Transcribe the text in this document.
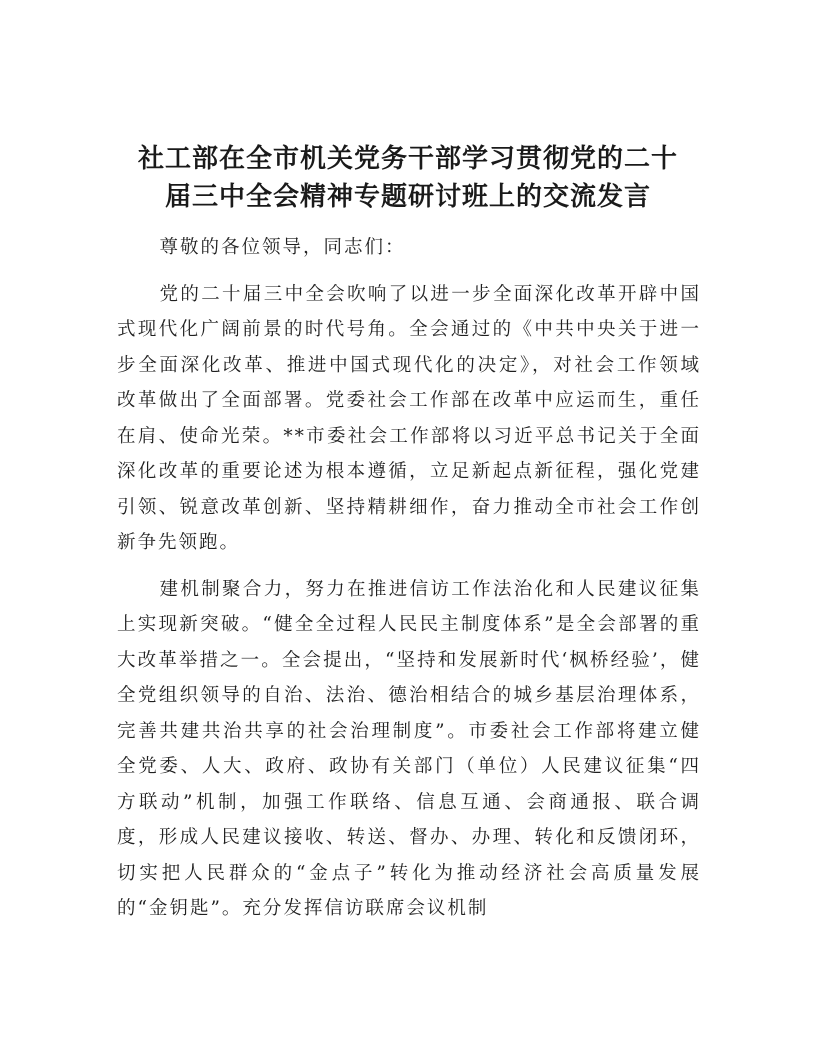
社工部在全市机关党务干部学习贯彻党的二十
届三中全会精神专题研讨班上的交流发言

尊敬的各位领导，同志们：

党的二十届三中全会吹响了以进一步全面深化改革开辟中国式现代化广阔前景的时代号角。全会通过的《中共中央关于进一步全面深化改革、推进中国式现代化的决定》，对社会工作领域改革做出了全面部署。党委社会工作部在改革中应运而生，重任在肩、使命光荣。**市委社会工作部将以习近平总书记关于全面深化改革的重要论述为根本遵循，立足新起点新征程，强化党建引领、锐意改革创新、坚持精耕细作，奋力推动全市社会工作创新争先领跑。

建机制聚合力，努力在推进信访工作法治化和人民建议征集上实现新突破。“健全全过程人民民主制度体系”是全会部署的重大改革举措之一。全会提出，“坚持和发展新时代‘枫桥经验’，健全党组织领导的自治、法治、德治相结合的城乡基层治理体系，完善共建共治共享的社会治理制度”。市委社会工作部将建立健全党委、人大、政府、政协有关部门（单位）人民建议征集“四方联动”机制，加强工作联络、信息互通、会商通报、联合调度，形成人民建议接收、转送、督办、办理、转化和反馈闭环，切实把人民群众的“金点子”转化为推动经济社会高质量发展的“金钥匙”。充分发挥信访联席会议机制
